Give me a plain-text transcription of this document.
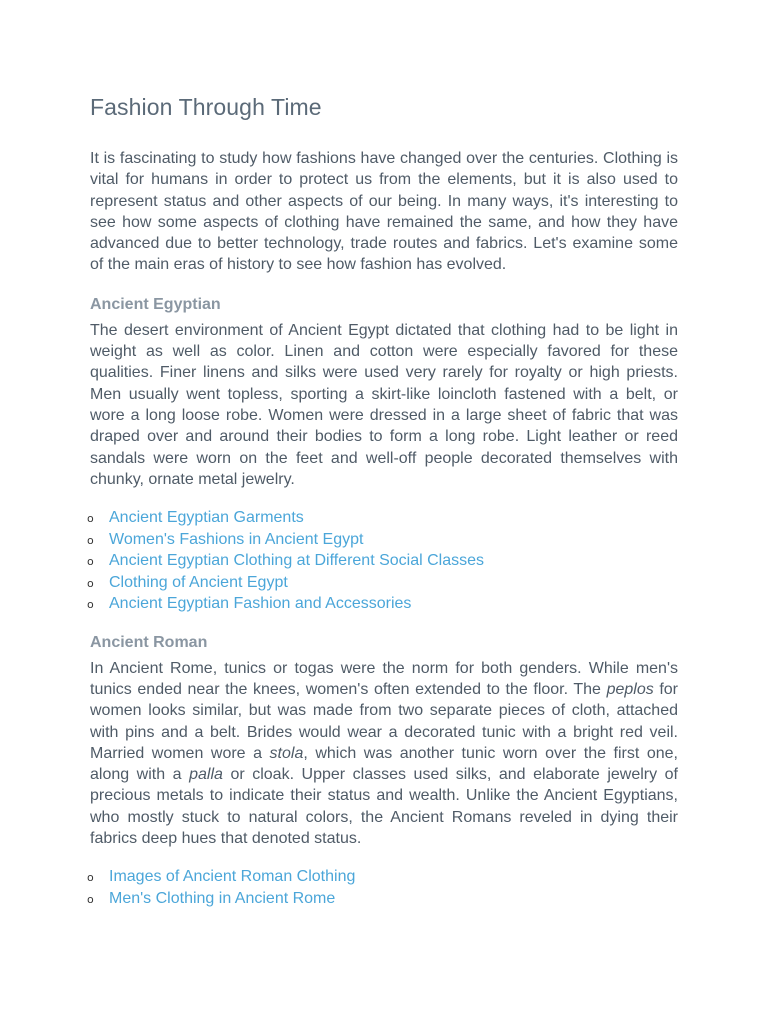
Fashion Through Time

It is fascinating to study how fashions have changed over the centuries. Clothing is vital for humans in order to protect us from the elements, but it is also used to represent status and other aspects of our being. In many ways, it's interesting to see how some aspects of clothing have remained the same, and how they have advanced due to better technology, trade routes and fabrics. Let's examine some of the main eras of history to see how fashion has evolved.

Ancient Egyptian

The desert environment of Ancient Egypt dictated that clothing had to be light in weight as well as color. Linen and cotton were especially favored for these qualities. Finer linens and silks were used very rarely for royalty or high priests. Men usually went topless, sporting a skirt-like loincloth fastened with a belt, or wore a long loose robe. Women were dressed in a large sheet of fabric that was draped over and around their bodies to form a long robe. Light leather or reed sandals were worn on the feet and well-off people decorated themselves with chunky, ornate metal jewelry.

o Ancient Egyptian Garments
o Women's Fashions in Ancient Egypt
o Ancient Egyptian Clothing at Different Social Classes
o Clothing of Ancient Egypt
o Ancient Egyptian Fashion and Accessories
Ancient Roman

In Ancient Rome, tunics or togas were the norm for both genders. While men's tunics ended near the knees, women's often extended to the floor. The peplos for women looks similar, but was made from two separate pieces of cloth, attached with pins and a belt. Brides would wear a decorated tunic with a bright red veil. Married women wore a stola, which was another tunic worn over the first one, along with a palla or cloak. Upper classes used silks, and elaborate jewelry of precious metals to indicate their status and wealth. Unlike the Ancient Egyptians, who mostly stuck to natural colors, the Ancient Romans reveled in dying their fabrics deep hues that denoted status.

o Images of Ancient Roman Clothing
o Men's Clothing in Ancient Rome
